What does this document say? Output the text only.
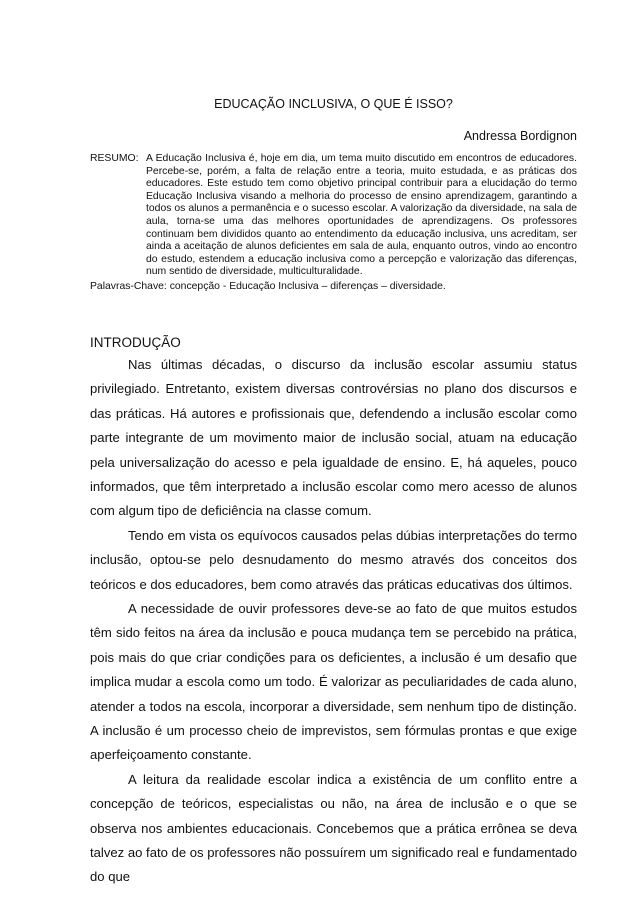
EDUCAÇÃO INCLUSIVA, O QUE É ISSO?
Andressa Bordignon
RESUMO: A Educação Inclusiva é, hoje em dia, um tema muito discutido em encontros de educadores. Percebe-se, porém, a falta de relação entre a teoria, muito estudada, e as práticas dos educadores. Este estudo tem como objetivo principal contribuir para a elucidação do termo Educação Inclusiva visando a melhoria do processo de ensino aprendizagem, garantindo a todos os alunos a permanência e o sucesso escolar. A valorização da diversidade, na sala de aula, torna-se uma das melhores oportunidades de aprendizagens. Os professores continuam bem divididos quanto ao entendimento da educação inclusiva, uns acreditam, ser ainda a aceitação de alunos deficientes em sala de aula, enquanto outros, vindo ao encontro do estudo, estendem a educação inclusiva como a percepção e valorização das diferenças, num sentido de diversidade, multiculturalidade.
Palavras-Chave: concepção - Educação Inclusiva – diferenças – diversidade.
INTRODUÇÃO

Nas últimas décadas, o discurso da inclusão escolar assumiu status privilegiado. Entretanto, existem diversas controvérsias no plano dos discursos e das práticas. Há autores e profissionais que, defendendo a inclusão escolar como parte integrante de um movimento maior de inclusão social, atuam na educação pela universalização do acesso e pela igualdade de ensino. E, há aqueles, pouco informados, que têm interpretado a inclusão escolar como mero acesso de alunos com algum tipo de deficiência na classe comum.

Tendo em vista os equívocos causados pelas dúbias interpretações do termo inclusão, optou-se pelo desnudamento do mesmo através dos conceitos dos teóricos e dos educadores, bem como através das práticas educativas dos últimos.

A necessidade de ouvir professores deve-se ao fato de que muitos estudos têm sido feitos na área da inclusão e pouca mudança tem se percebido na prática, pois mais do que criar condições para os deficientes, a inclusão é um desafio que implica mudar a escola como um todo. É valorizar as peculiaridades de cada aluno, atender a todos na escola, incorporar a diversidade, sem nenhum tipo de distinção. A inclusão é um processo cheio de imprevistos, sem fórmulas prontas e que exige aperfeiçoamento constante.

A leitura da realidade escolar indica a existência de um conflito entre a concepção de teóricos, especialistas ou não, na área de inclusão e o que se observa nos ambientes educacionais. Concebemos que a prática errônea se deva talvez ao fato de os professores não possuírem um significado real e fundamentado do que
